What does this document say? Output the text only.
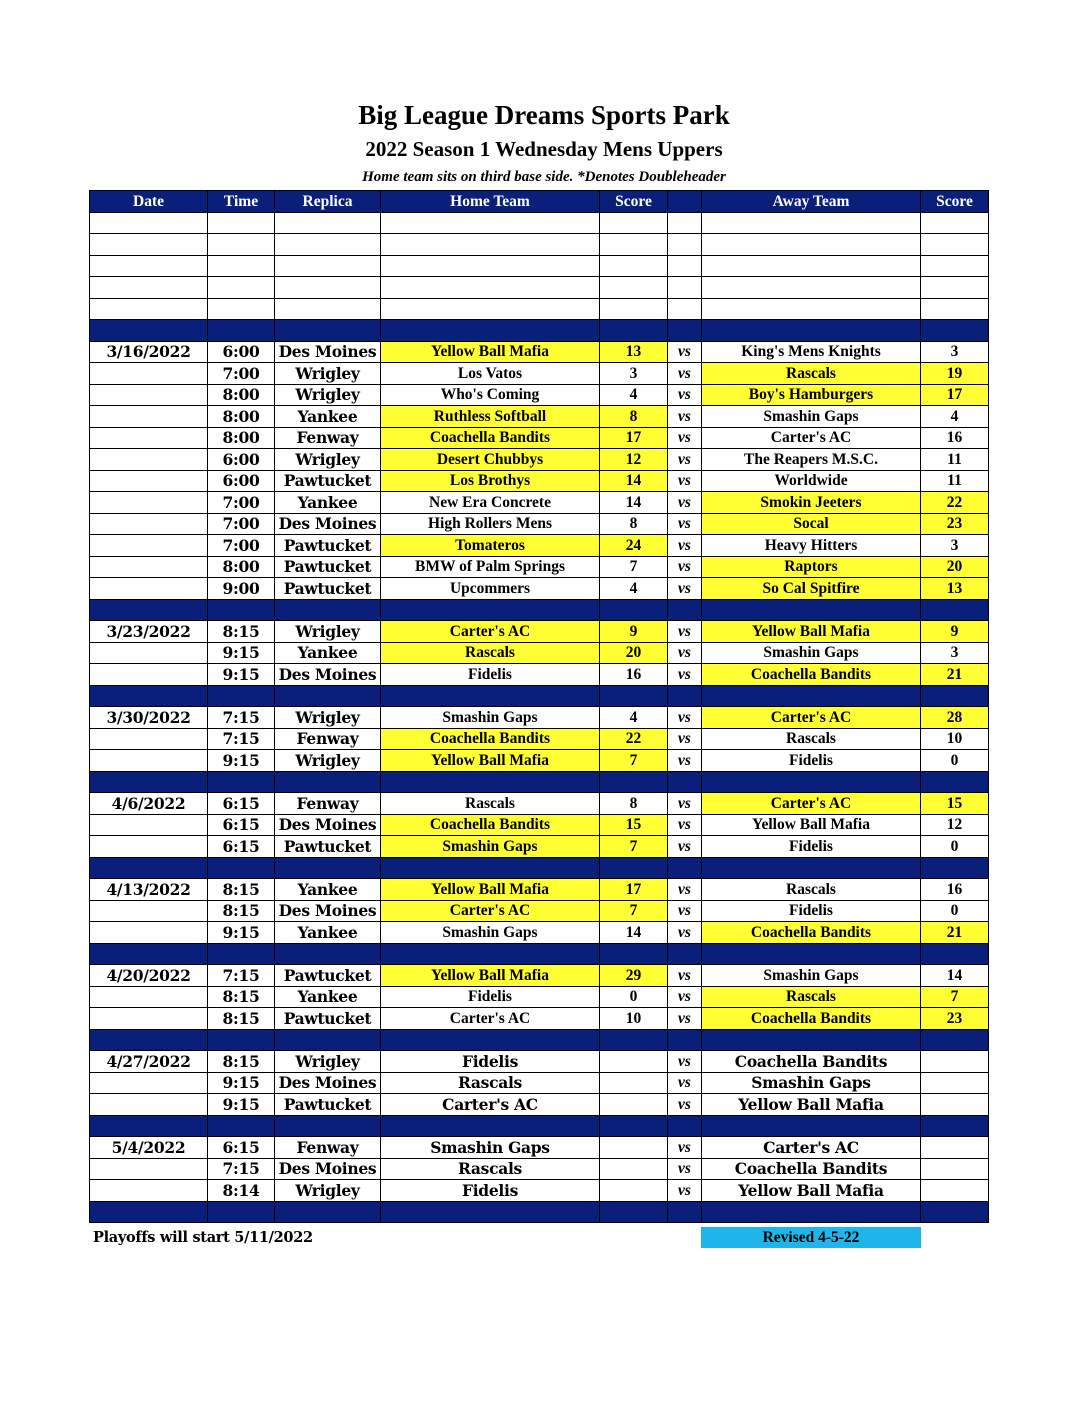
Big League Dreams Sports Park
2022 Season 1 Wednesday Mens Uppers
Home team sits on third base side. *Denotes Doubleheader
Date	Time	Replica	Home Team	Score		Away Team	Score

3/16/2022	6:00	Des Moines	Yellow Ball Mafia	13	vs	King's Mens Knights	3
	7:00	Wrigley	Los Vatos	3	vs	Rascals	19
	8:00	Wrigley	Who's Coming	4	vs	Boy's Hamburgers	17
	8:00	Yankee	Ruthless Softball	8	vs	Smashin Gaps	4
	8:00	Fenway	Coachella Bandits	17	vs	Carter's AC	16
	6:00	Wrigley	Desert Chubbys	12	vs	The Reapers M.S.C.	11
	6:00	Pawtucket	Los Brothys	14	vs	Worldwide	11
	7:00	Yankee	New Era Concrete	14	vs	Smokin Jeeters	22
	7:00	Des Moines	High Rollers Mens	8	vs	Socal	23
	7:00	Pawtucket	Tomateros	24	vs	Heavy Hitters	3
	8:00	Pawtucket	BMW of Palm Springs	7	vs	Raptors	20
	9:00	Pawtucket	Upcommers	4	vs	So Cal Spitfire	13

3/23/2022	8:15	Wrigley	Carter's AC	9	vs	Yellow Ball Mafia	9
	9:15	Yankee	Rascals	20	vs	Smashin Gaps	3
	9:15	Des Moines	Fidelis	16	vs	Coachella Bandits	21

3/30/2022	7:15	Wrigley	Smashin Gaps	4	vs	Carter's AC	28
	7:15	Fenway	Coachella Bandits	22	vs	Rascals	10
	9:15	Wrigley	Yellow Ball Mafia	7	vs	Fidelis	0

4/6/2022	6:15	Fenway	Rascals	8	vs	Carter's AC	15
	6:15	Des Moines	Coachella Bandits	15	vs	Yellow Ball Mafia	12
	6:15	Pawtucket	Smashin Gaps	7	vs	Fidelis	0

4/13/2022	8:15	Yankee	Yellow Ball Mafia	17	vs	Rascals	16
	8:15	Des Moines	Carter's AC	7	vs	Fidelis	0
	9:15	Yankee	Smashin Gaps	14	vs	Coachella Bandits	21

4/20/2022	7:15	Pawtucket	Yellow Ball Mafia	29	vs	Smashin Gaps	14
	8:15	Yankee	Fidelis	0	vs	Rascals	7
	8:15	Pawtucket	Carter's AC	10	vs	Coachella Bandits	23

4/27/2022	8:15	Wrigley	Fidelis		vs	Coachella Bandits	
	9:15	Des Moines	Rascals		vs	Smashin Gaps	
	9:15	Pawtucket	Carter's AC		vs	Yellow Ball Mafia	

5/4/2022	6:15	Fenway	Smashin Gaps		vs	Carter's AC	
	7:15	Des Moines	Rascals		vs	Coachella Bandits	
	8:14	Wrigley	Fidelis		vs	Yellow Ball Mafia	

Playoffs will start 5/11/2022	Revised 4-5-22
